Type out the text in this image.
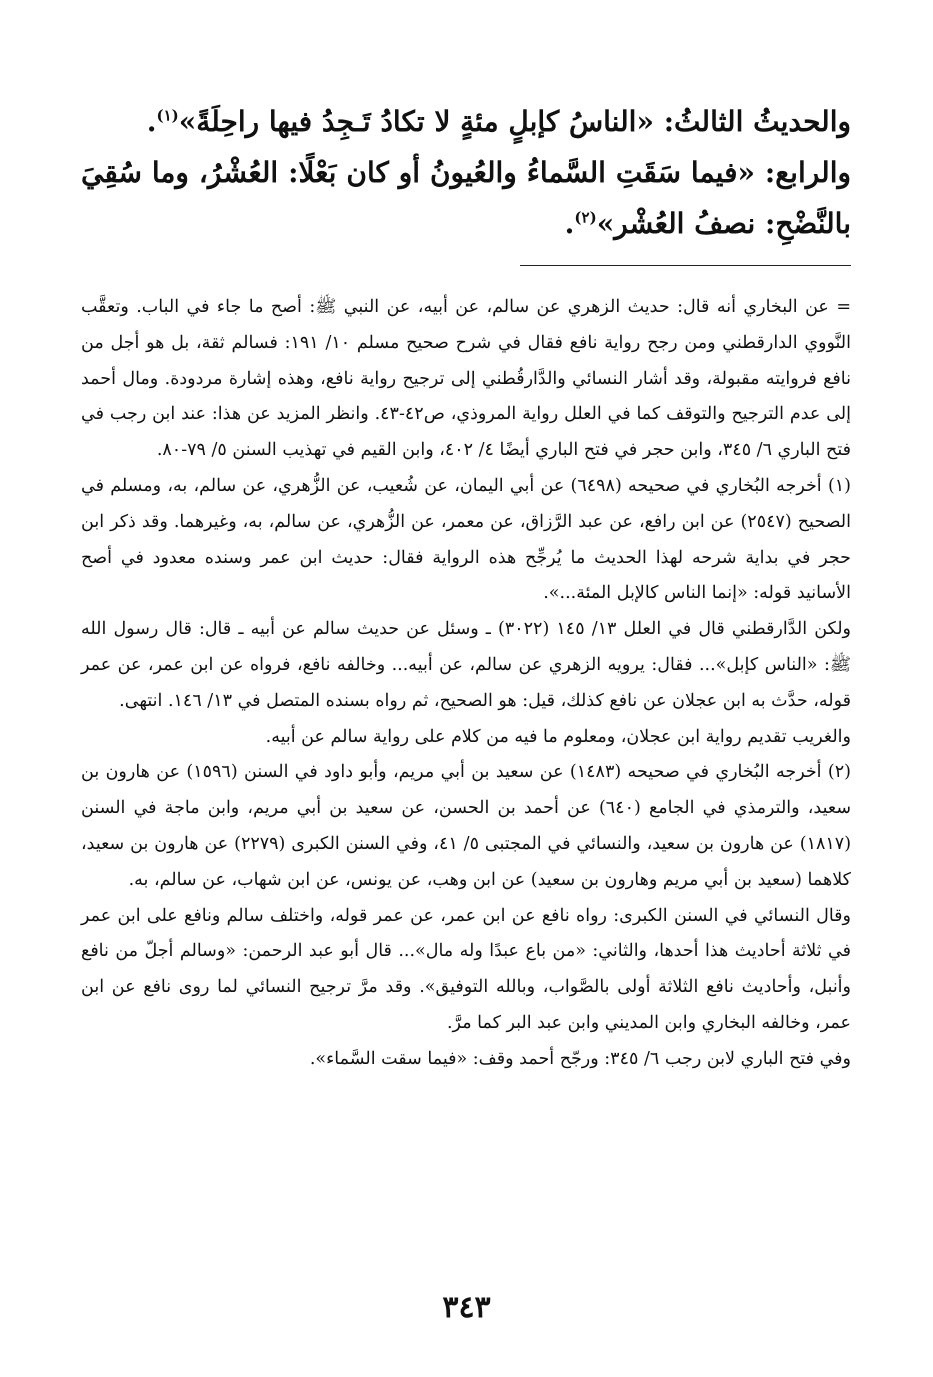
والحديثُ الثالثُ: «الناسُ كإبلٍ مئةٍ لا تكادُ تَـجِدُ فيها راحِلَةً»$^{(١)}$.

والرابع: «فيما سَقَتِ السَّماءُ والعُيونُ أو كان بَعْلًا: العُشْرُ، وما سُقِيَ بالنَّضْحِ: نصفُ العُشْر»$^{(٢)}$.

= عن البخاري أنه قال: حديث الزهري عن سالم، عن أبيه، عن النبي ﷺ: أصح ما جاء في الباب. وتعقَّب النَّووي الدارقطني ومن رجح رواية نافع فقال في شرح صحيح مسلم ١٠/ ١٩١: فسالم ثقة، بل هو أجل من نافع فروايته مقبولة، وقد أشار النسائي والدَّارقُطني إلى ترجيح رواية نافع، وهذه إشارة مردودة. ومال أحمد إلى عدم الترجيح والتوقف كما في العلل رواية المروذي، ص٤٢-٤٣. وانظر المزيد عن هذا: عند ابن رجب في فتح الباري ٦/ ٣٤٥، وابن حجر في فتح الباري أيضًا ٤/ ٤٠٢، وابن القيم في تهذيب السنن ٥/ ٧٩-٨٠.

(١) أخرجه البُخاري في صحيحه (٦٤٩٨) عن أبي اليمان، عن شُعيب، عن الزُّهري، عن سالم، به، ومسلم في الصحيح (٢٥٤٧) عن ابن رافع، عن عبد الرَّزاق، عن معمر، عن الزُّهري، عن سالم، به، وغيرهما. وقد ذكر ابن حجر في بداية شرحه لهذا الحديث ما يُرجِّح هذه الرواية فقال: حديث ابن عمر وسنده معدود في أصح الأسانيد قوله: «إنما الناس كالإبل المئة...».

ولكن الدَّارقطني قال في العلل ١٣/ ١٤٥ (٣٠٢٢) ـ وسئل عن حديث سالم عن أبيه ـ قال: قال رسول الله ﷺ: «الناس كإبل»... فقال: يرويه الزهري عن سالم، عن أبيه... وخالفه نافع، فرواه عن ابن عمر، عن عمر قوله، حدَّث به ابن عجلان عن نافع كذلك، قيل: هو الصحيح، ثم رواه بسنده المتصل في ١٣/ ١٤٦. انتهى.

والغريب تقديم رواية ابن عجلان، ومعلوم ما فيه من كلام على رواية سالم عن أبيه.

(٢) أخرجه البُخاري في صحيحه (١٤٨٣) عن سعيد بن أبي مريم، وأبو داود في السنن (١٥٩٦) عن هارون بن سعيد، والترمذي في الجامع (٦٤٠) عن أحمد بن الحسن، عن سعيد بن أبي مريم، وابن ماجة في السنن (١٨١٧) عن هارون بن سعيد، والنسائي في المجتبى ٥/ ٤١، وفي السنن الكبرى (٢٢٧٩) عن هارون بن سعيد، كلاهما (سعيد بن أبي مريم وهارون بن سعيد) عن ابن وهب، عن يونس، عن ابن شهاب، عن سالم، به.

وقال النسائي في السنن الكبرى: رواه نافع عن ابن عمر، عن عمر قوله، واختلف سالم ونافع على ابن عمر في ثلاثة أحاديث هذا أحدها، والثاني: «من باع عبدًا وله مال»... قال أبو عبد الرحمن: «وسالم أجلّ من نافع وأنبل، وأحاديث نافع الثلاثة أولى بالصَّواب، وبالله التوفيق». وقد مرَّ ترجيح النسائي لما روى نافع عن ابن عمر، وخالفه البخاري وابن المديني وابن عبد البر كما مرَّ.

وفي فتح الباري لابن رجب ٦/ ٣٤٥: ورجّح أحمد وقف: «فيما سقت السَّماء».

٣٤٣
